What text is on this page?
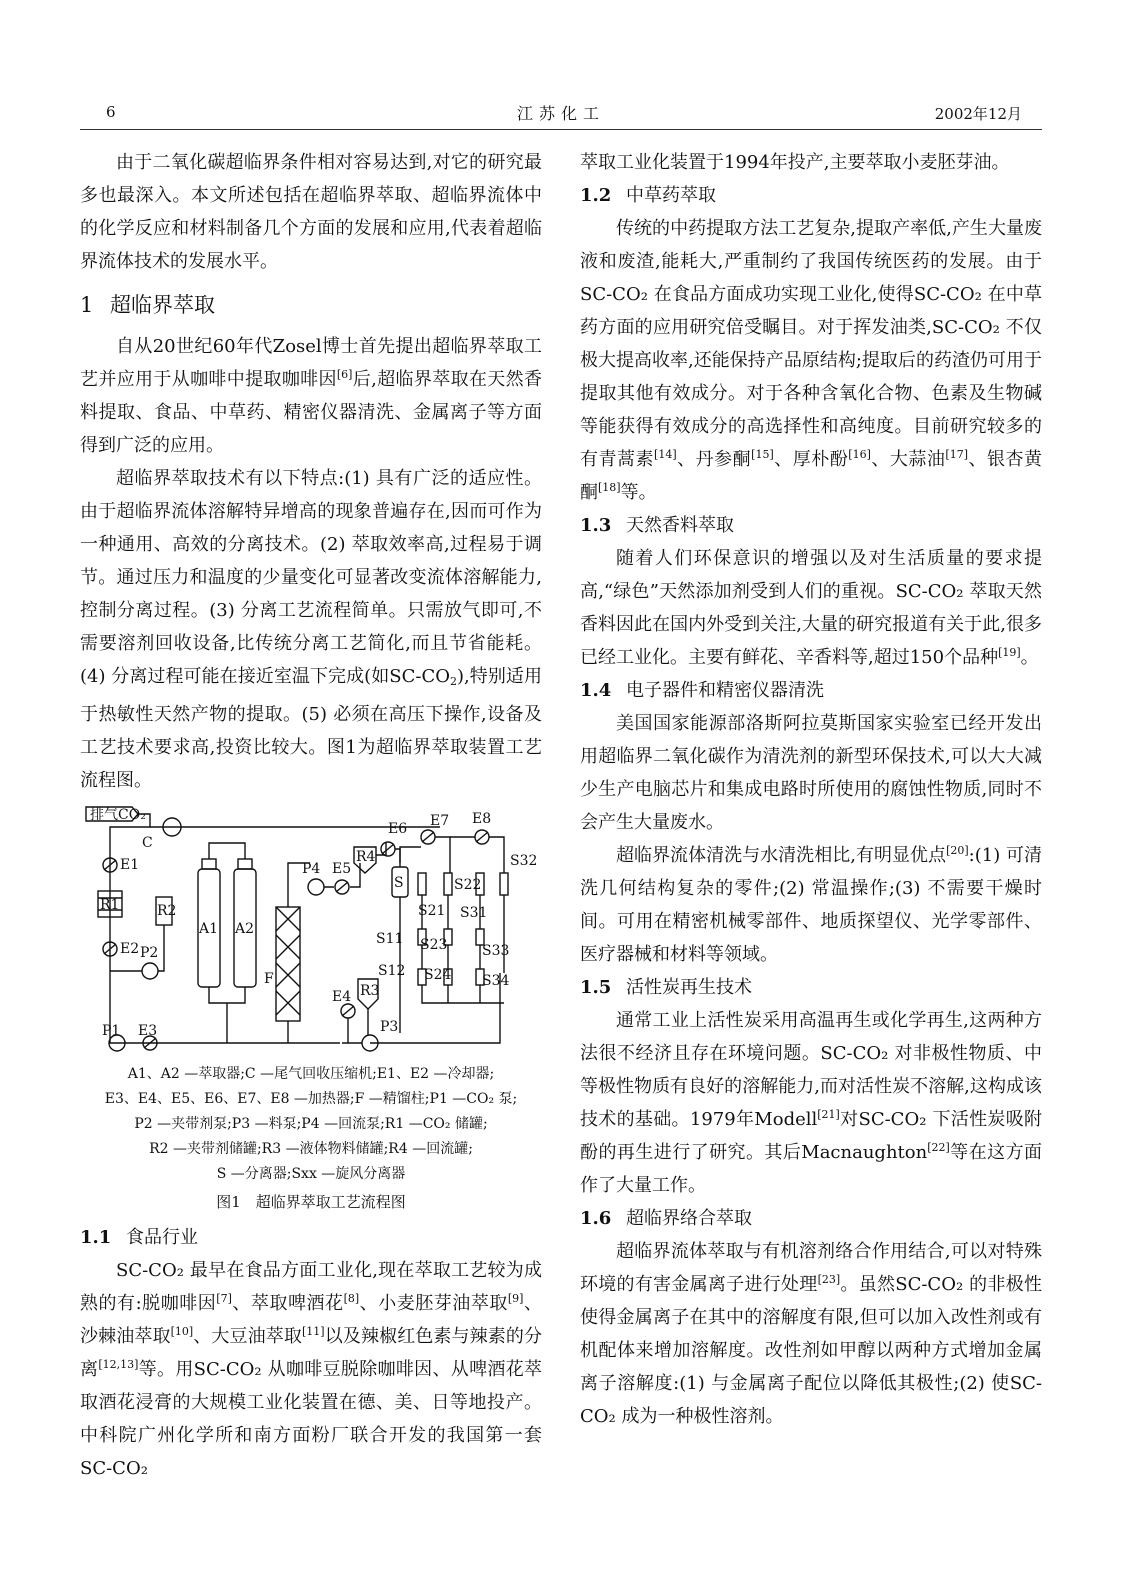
6	江苏化工	2002年12月

由于二氧化碳超临界条件相对容易达到,对它的研究最多也最深入。本文所述包括在超临界萃取、超临界流体中的化学反应和材料制备几个方面的发展和应用,代表着超临界流体技术的发展水平。

1 超临界萃取

自从20世纪60年代Zosel博士首先提出超临界萃取工艺并应用于从咖啡中提取咖啡因[6]后,超临界萃取在天然香料提取、食品、中草药、精密仪器清洗、金属离子等方面得到广泛的应用。

超临界萃取技术有以下特点:(1) 具有广泛的适应性。由于超临界流体溶解特异增高的现象普遍存在,因而可作为一种通用、高效的分离技术。(2) 萃取效率高,过程易于调节。通过压力和温度的少量变化可显著改变流体溶解能力,控制分离过程。(3) 分离工艺流程简单。只需放气即可,不需要溶剂回收设备,比传统分离工艺简化,而且节省能耗。(4) 分离过程可能在接近室温下完成(如SC-CO2),特别适用于热敏性天然产物的提取。(5) 必须在高压下操作,设备及工艺技术要求高,投资比较大。图1为超临界萃取装置工艺流程图。

排气CO₂
C
E1
R1
E2 P2
R2
A1 A2
F
P1 E3
P4 E5
R4
E6 E7 E8
S
S21
S22
S31
S32
S11 S23 S33
R3
S12 S24 S34
E4
P3
A1、A2 —萃取器;C —尾气回收压缩机;E1、E2 —冷却器;
E3、E4、E5、E6、E7、E8 —加热器;F —精馏柱;P1 —CO₂ 泵;
P2 —夹带剂泵;P3 —料泵;P4 —回流泵;R1 —CO₂ 储罐;
R2 —夹带剂储罐;R3 —液体物料储罐;R4 —回流罐;
S —分离器;Sxx —旋风分离器
图1　超临界萃取工艺流程图
1.1 食品行业

SC-CO₂ 最早在食品方面工业化,现在萃取工艺较为成熟的有:脱咖啡因[7]、萃取啤酒花[8]、小麦胚芽油萃取[9]、沙棘油萃取[10]、大豆油萃取[11]以及辣椒红色素与辣素的分离[12,13]等。用SC-CO₂ 从咖啡豆脱除咖啡因、从啤酒花萃取酒花浸膏的大规模工业化装置在德、美、日等地投产。中科院广州化学所和南方面粉厂联合开发的我国第一套SC-CO₂

萃取工业化装置于1994年投产,主要萃取小麦胚芽油。

1.2 中草药萃取

传统的中药提取方法工艺复杂,提取产率低,产生大量废液和废渣,能耗大,严重制约了我国传统医药的发展。由于SC-CO₂ 在食品方面成功实现工业化,使得SC-CO₂ 在中草药方面的应用研究倍受瞩目。对于挥发油类,SC-CO₂ 不仅极大提高收率,还能保持产品原结构;提取后的药渣仍可用于提取其他有效成分。对于各种含氧化合物、色素及生物碱等能获得有效成分的高选择性和高纯度。目前研究较多的有青蒿素[14]、丹参酮[15]、厚朴酚[16]、大蒜油[17]、银杏黄酮[18]等。

1.3 天然香料萃取

随着人们环保意识的增强以及对生活质量的要求提高,“绿色”天然添加剂受到人们的重视。SC-CO₂ 萃取天然香料因此在国内外受到关注,大量的研究报道有关于此,很多已经工业化。主要有鲜花、辛香料等,超过150个品种[19]。

1.4 电子器件和精密仪器清洗

美国国家能源部洛斯阿拉莫斯国家实验室已经开发出用超临界二氧化碳作为清洗剂的新型环保技术,可以大大减少生产电脑芯片和集成电路时所使用的腐蚀性物质,同时不会产生大量废水。

超临界流体清洗与水清洗相比,有明显优点[20]:(1) 可清洗几何结构复杂的零件;(2) 常温操作;(3) 不需要干燥时间。可用在精密机械零部件、地质探望仪、光学零部件、医疗器械和材料等领域。

1.5 活性炭再生技术

通常工业上活性炭采用高温再生或化学再生,这两种方法很不经济且存在环境问题。SC-CO₂ 对非极性物质、中等极性物质有良好的溶解能力,而对活性炭不溶解,这构成该技术的基础。1979年Modell[21]对SC-CO₂ 下活性炭吸附酚的再生进行了研究。其后Macnaughton[22]等在这方面作了大量工作。

1.6 超临界络合萃取

超临界流体萃取与有机溶剂络合作用结合,可以对特殊环境的有害金属离子进行处理[23]。虽然SC-CO₂ 的非极性使得金属离子在其中的溶解度有限,但可以加入改性剂或有机配体来增加溶解度。改性剂如甲醇以两种方式增加金属离子溶解度:(1) 与金属离子配位以降低其极性;(2) 使SC-CO₂ 成为一种极性溶剂。
